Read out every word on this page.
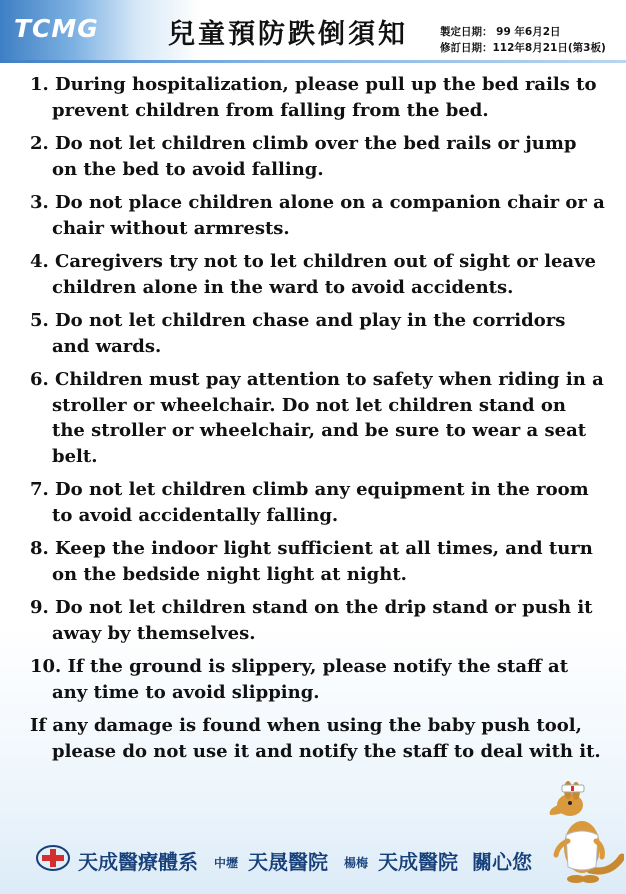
TCMG	兒童預防跌倒須知	製定日期： 99 年6月2日
修訂日期：112年8月21日(第3板)
1. During hospitalization, please pull up the bed rails to prevent children from falling from the bed.
2. Do not let children climb over the bed rails or jump on the bed to avoid falling.
3. Do not place children alone on a companion chair or a chair without armrests.
4. Caregivers try not to let children out of sight or leave children alone in the ward to avoid accidents.
5. Do not let children chase and play in the corridors and wards.
6. Children must pay attention to safety when riding in a stroller or wheelchair. Do not let children stand on the stroller or wheelchair, and be sure to wear a seat belt.
7. Do not let children climb any equipment in the room to avoid accidentally falling.
8. Keep the indoor light sufficient at all times, and turn on the bedside night light at night.
9. Do not let children stand on the drip stand or push it away by themselves.
10. If the ground is slippery, please notify the staff at any time to avoid slipping.
If any damage is found when using the baby push tool, please do not use it and notify the staff to deal with it.
天成醫療體系 中壢 天晟醫院 楊梅 天成醫院 關心您
